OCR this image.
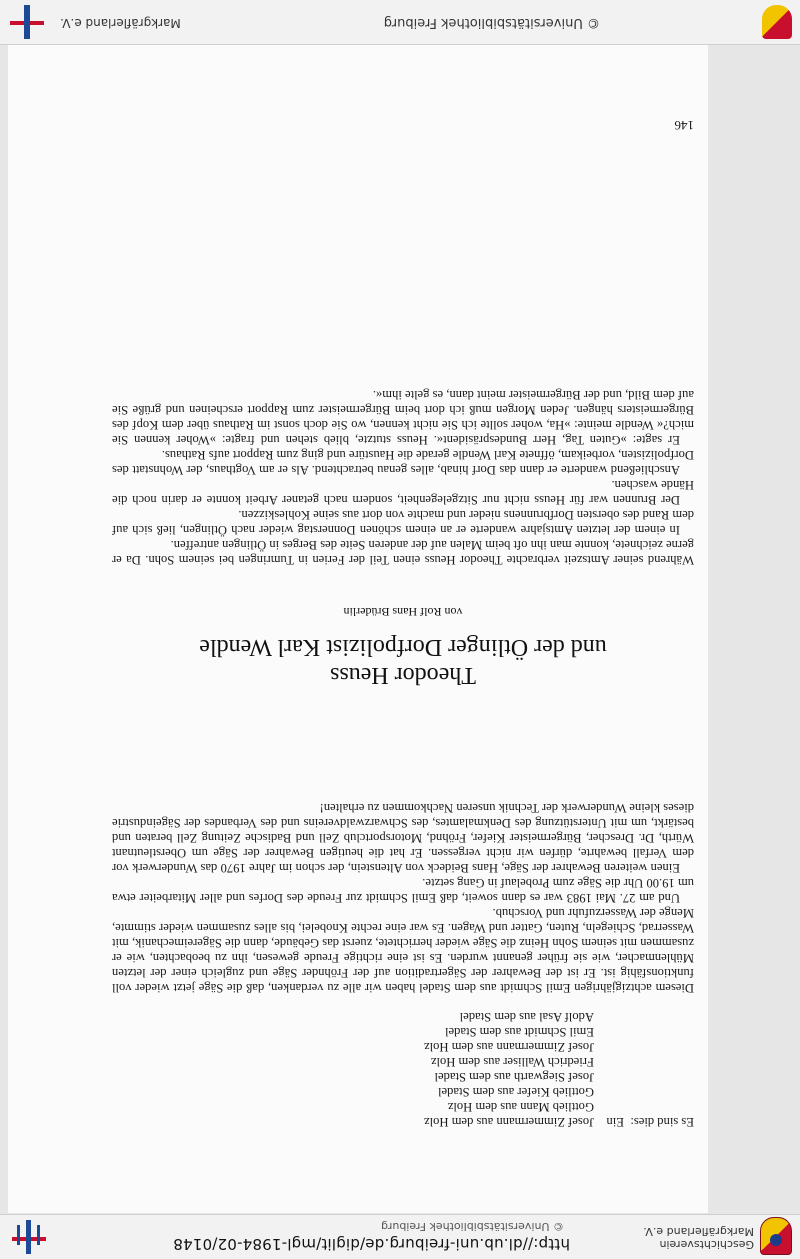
Geschichtsverein
Markgräflerland e.V.
http://dl.ub.uni-freiburg.de/diglit/mgl-1984-02/0148
© Universitätsbibliothek Freiburg
Es sind dies:
Ein
Josef Zimmermann aus dem Holz
Gottlieb Mann aus dem Holz
Gottlieb Kiefer aus dem Stadel
Josef Siegwarth aus dem Stadel
Friedrich Walliser aus dem Holz
Josef Zimmermann aus dem Holz
Emil Schmidt aus dem Stadel
Adolf Asal aus dem Stadel

Diesem achtzigjährigen Emil Schmidt aus dem Stadel haben wir alle zu verdanken, daß die Säge jetzt wieder voll funktionsfähig ist. Er ist der Bewahrer der Sägertradition auf der Fröhnder Säge und zugleich einer der letzten Mühlenmacher, wie sie früher genannt wurden. Es ist eine richtige Freude gewesen, ihn zu beobachten, wie er zusammen mit seinem Sohn Heinz die Säge wieder herrichtete, zuerst das Gebäude, dann die Sägereimechanik, mit Wasserrad, Schiegeln, Ruten, Gatter und Wagen. Es war eine rechte Knobelei, bis alles zusammen wieder stimmte, Menge der Wasserzufuhr und Vorschub.

Und am 27. Mai 1983 war es dann soweit, daß Emil Schmidt zur Freude des Dorfes und aller Mitarbeiter etwa um 19.00 Uhr die Säge zum Probelauf in Gang setzte.

Einen weiteren Bewahrer der Säge, Hans Beideck von Altenstein, der schon im Jahre 1970 das Wunderwerk vor dem Verfall bewahrte, dürfen wir nicht vergessen. Er hat die heutigen Bewahrer der Säge um Oberstleutnant Würth, Dr. Drescher, Bürgermeister Kiefer, Fröhnd, Motorsportclub Zell und Badische Zeitung Zell beraten und bestärkt, um mit Unterstützung des Denkmalamtes, des Schwarzwaldvereins und des Verbandes der Sägeindustrie dieses kleine Wunderwerk der Technik unseren Nachkommen zu erhalten!

Theodor Heuss
und der Ötlinger Dorfpolizist Karl Wendle
von Rolf Hans Brüderlin

Während seiner Amtszeit verbrachte Theodor Heuss einen Teil der Ferien in Tumringen bei seinem Sohn. Da er gerne zeichnete, konnte man ihn oft beim Malen auf der anderen Seite des Berges in Ötlingen antreffen.

In einem der letzten Amtsjahre wanderte er an einem schönen Donnerstag wieder nach Ötlingen, ließ sich auf dem Rand des obersten Dorfbrunnens nieder und machte von dort aus seine Kohleskizzen.

Der Brunnen war für Heuss nicht nur Sitzgelegenheit, sondern nach getaner Arbeit konnte er darin noch die Hände waschen.

Anschließend wanderte er dann das Dorf hinab, alles genau betrachtend. Als er am Vogthaus, der Wohnstatt des Dorfpolizisten, vorbeikam, öffnete Karl Wendle gerade die Haustüre und ging zum Rapport aufs Rathaus.

Er sagte: »Guten Tag, Herr Bundespräsident«. Heuss stutzte, blieb stehen und fragte: »Woher kennen Sie mich?« Wendle meinte: »Ha, woher sollte ich Sie nicht kennen, wo Sie doch sonst im Rathaus über dem Kopf des Bürgermeisters hängen. Jeden Morgen muß ich dort beim Bürgermeister zum Rapport erscheinen und grüße Sie auf dem Bild, und der Bürgermeister meint dann, es gelte ihm«.

146
© Universitätsbibliothek Freiburg
Markgräflerland e.V.
